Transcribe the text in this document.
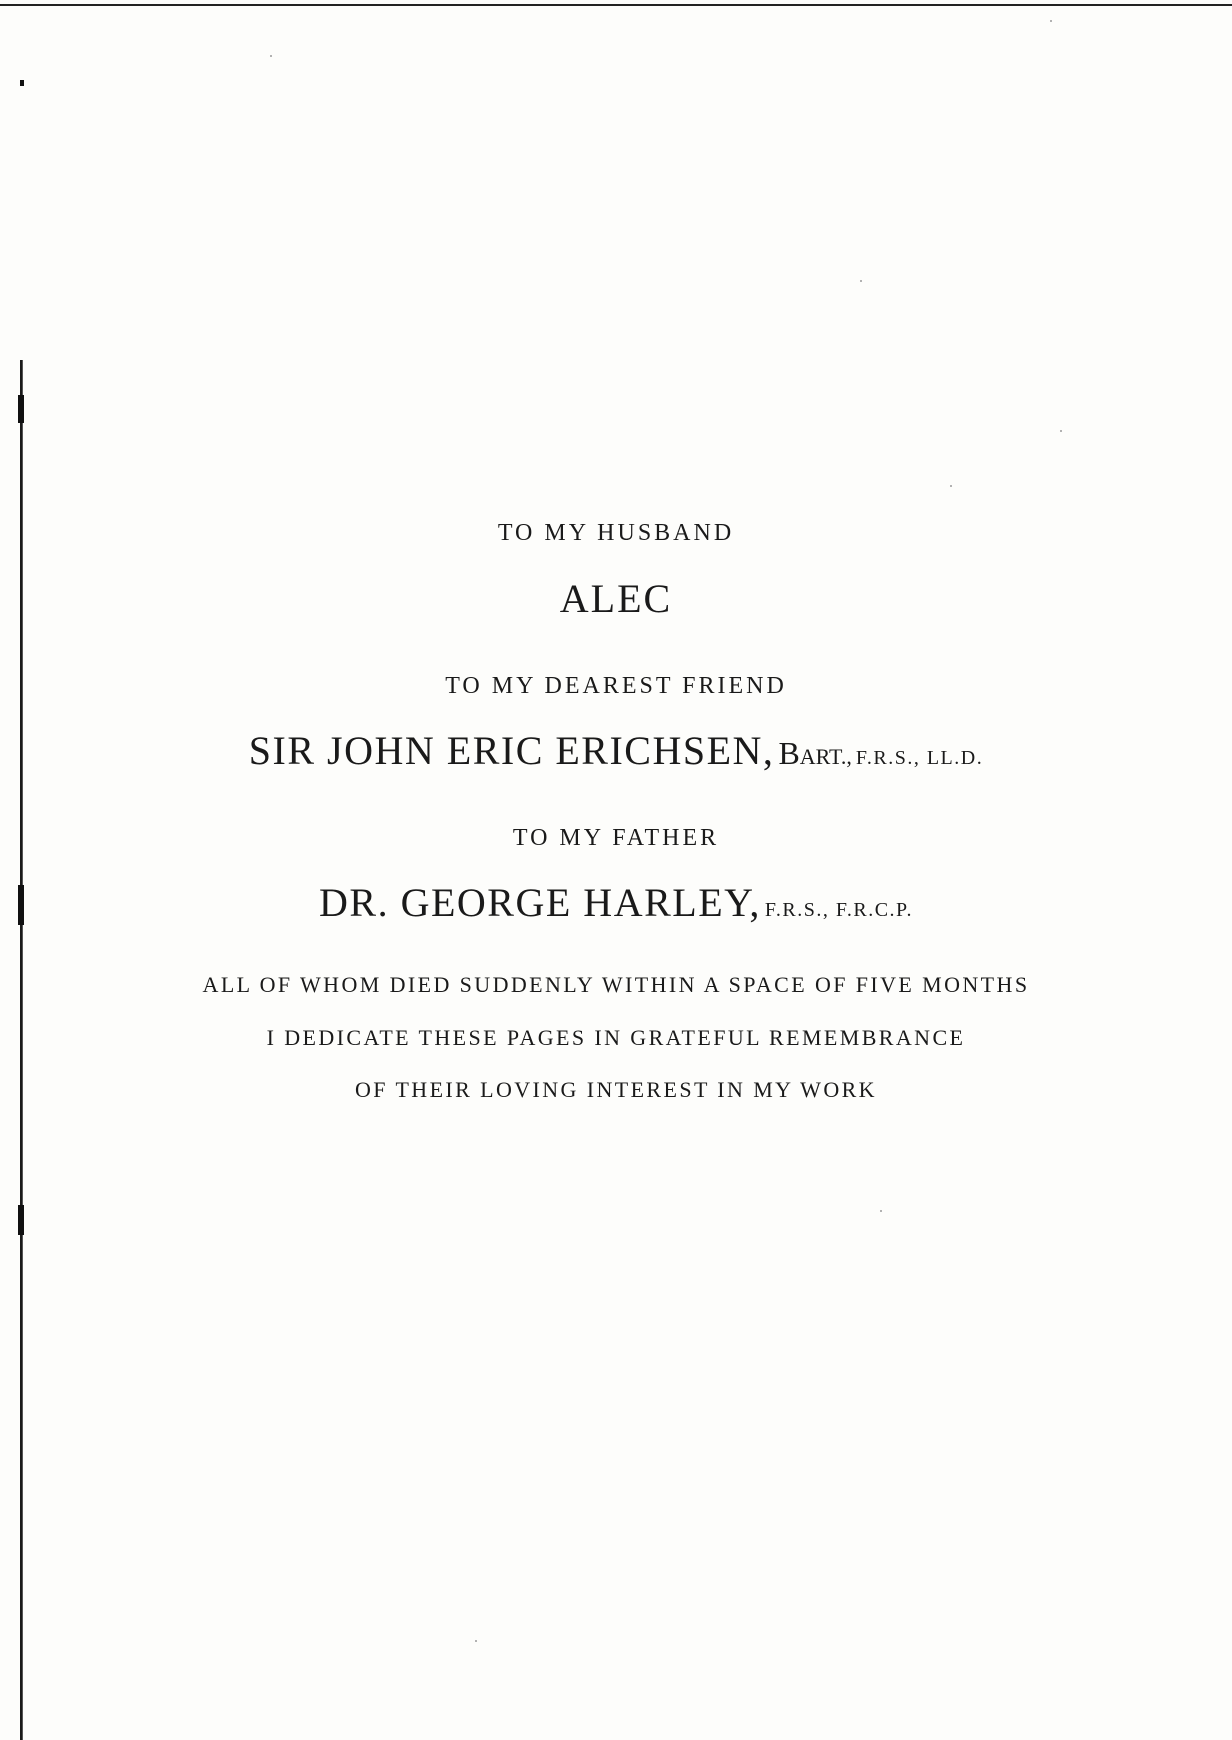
TO MY HUSBAND
ALEC
TO MY DEAREST FRIEND
SIR JOHN ERIC ERICHSEN, BART., F.R.S., LL.D.
TO MY FATHER
DR. GEORGE HARLEY, F.R.S., F.R.C.P.
ALL OF WHOM DIED SUDDENLY WITHIN A SPACE OF FIVE MONTHS
I DEDICATE THESE PAGES IN GRATEFUL REMEMBRANCE
OF THEIR LOVING INTEREST IN MY WORK
